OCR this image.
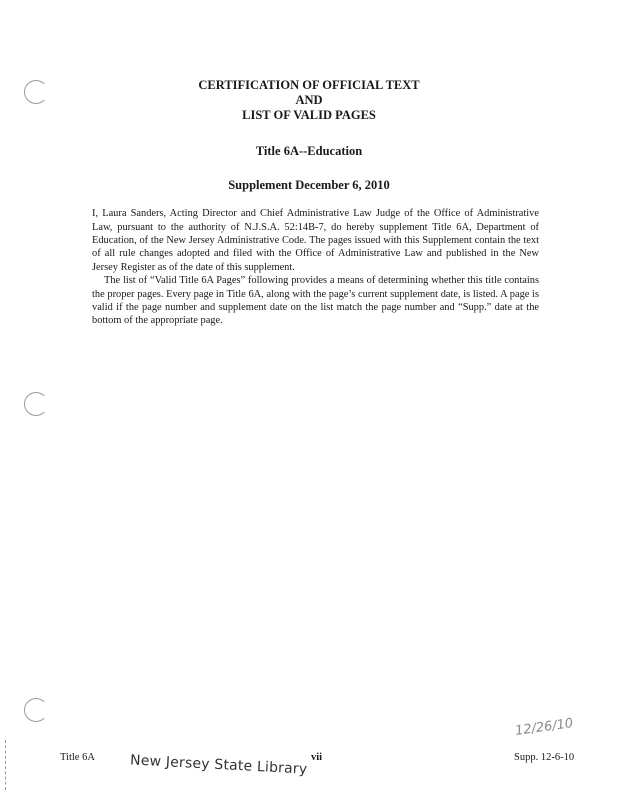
CERTIFICATION OF OFFICIAL TEXT
AND
LIST OF VALID PAGES
Title 6A--Education
Supplement December 6, 2010

I, Laura Sanders, Acting Director and Chief Administrative Law Judge of the Office of Administrative Law, pursuant to the authority of N.J.S.A. 52:14B-7, do hereby supplement Title 6A, Department of Education, of the New Jersey Administrative Code. The pages issued with this Supplement contain the text of all rule changes adopted and filed with the Office of Administrative Law and published in the New Jersey Register as of the date of this supplement.

The list of “Valid Title 6A Pages” following provides a means of determining whether this title contains the proper pages. Every page in Title 6A, along with the page’s current supplement date, is listed. A page is valid if the page number and supplement date on the list match the page number and “Supp.” date at the bottom of the appropriate page.

12/26/10
Title 6A	vii	Supp. 12-6-10
New Jersey State Library
